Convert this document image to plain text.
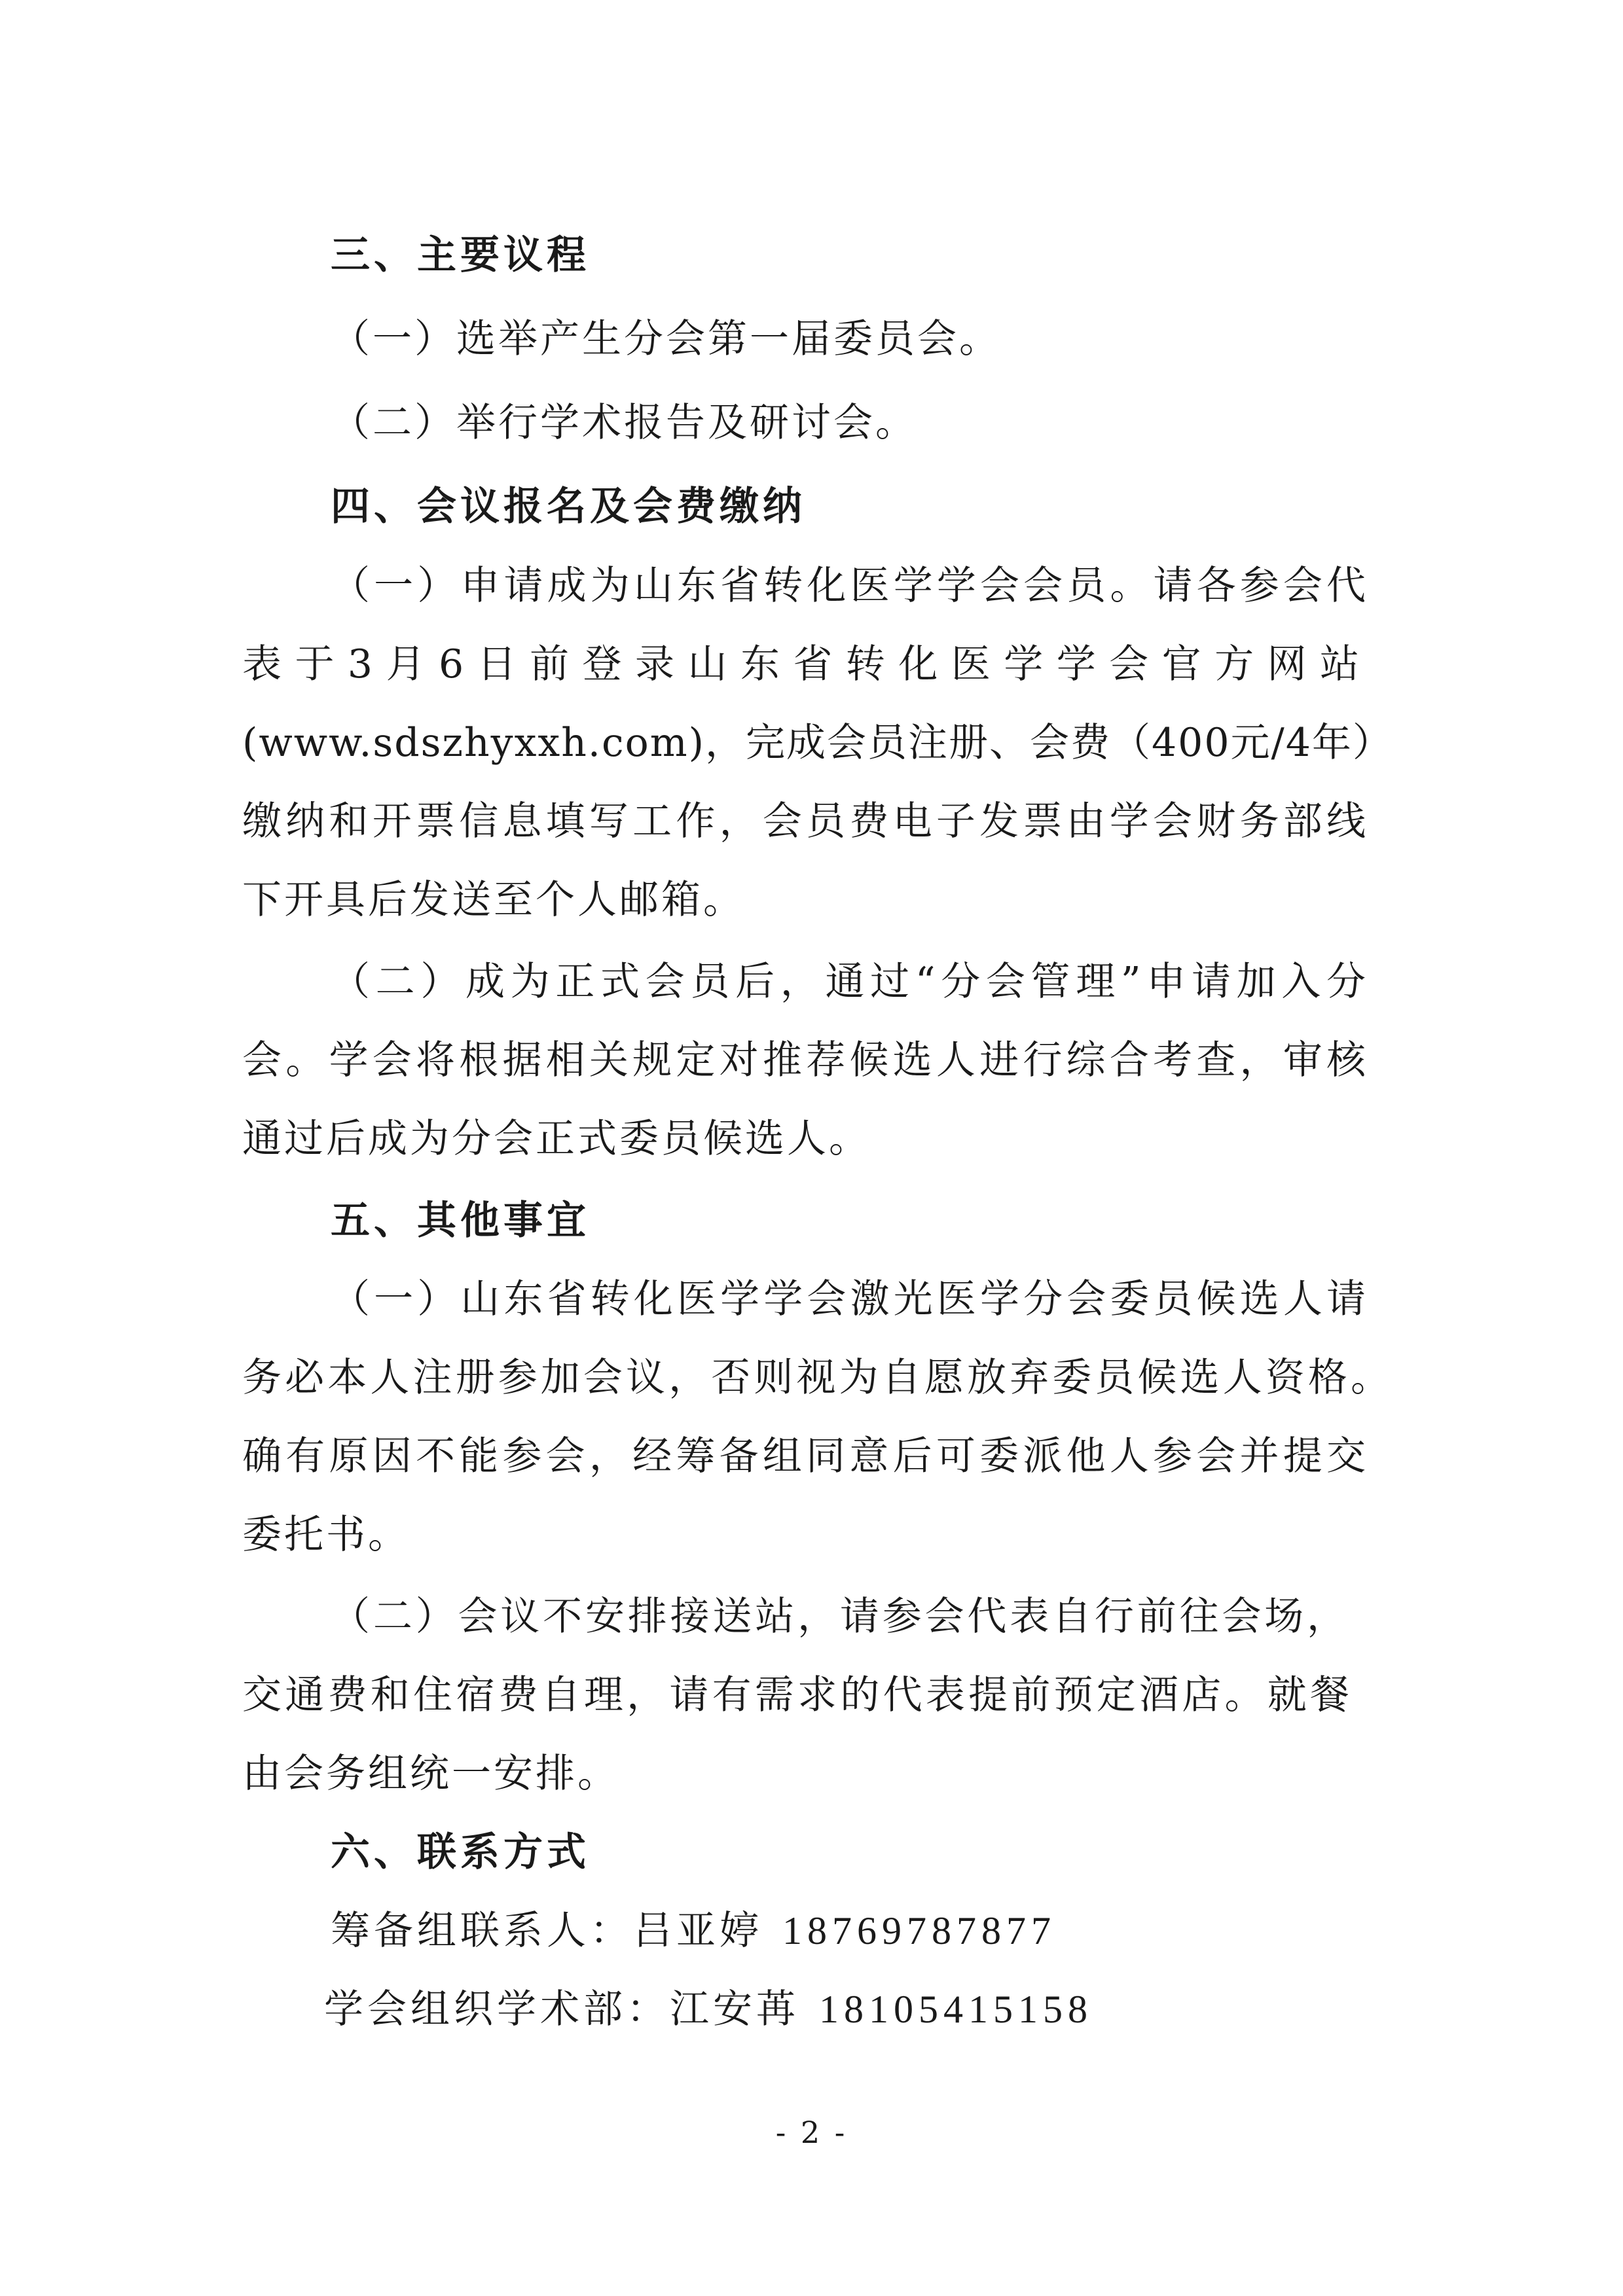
三、主要议程
（一）选举产生分会第一届委员会。
（二）举行学术报告及研讨会。
四、会议报名及会费缴纳
（一）申请成为山东省转化医学学会会员。请各参会代
表于3月6日前登录山东省转化医学学会官方网站
(www.sdszhyxxh.com)，完成会员注册、会费（400元/4年）
缴纳和开票信息填写工作，会员费电子发票由学会财务部线
下开具后发送至个人邮箱。
（二）成为正式会员后，通过“分会管理”申请加入分
会。学会将根据相关规定对推荐候选人进行综合考查，审核
通过后成为分会正式委员候选人。
五、其他事宜
（一）山东省转化医学学会激光医学分会委员候选人请
务必本人注册参加会议，否则视为自愿放弃委员候选人资格。
确有原因不能参会，经筹备组同意后可委派他人参会并提交
委托书。
（二）会议不安排接送站，请参会代表自行前往会场，
交通费和住宿费自理，请有需求的代表提前预定酒店。就餐
由会务组统一安排。
六、联系方式
筹备组联系人：吕亚婷 18769787877
学会组织学术部：江安苒 18105415158
- 2 -
